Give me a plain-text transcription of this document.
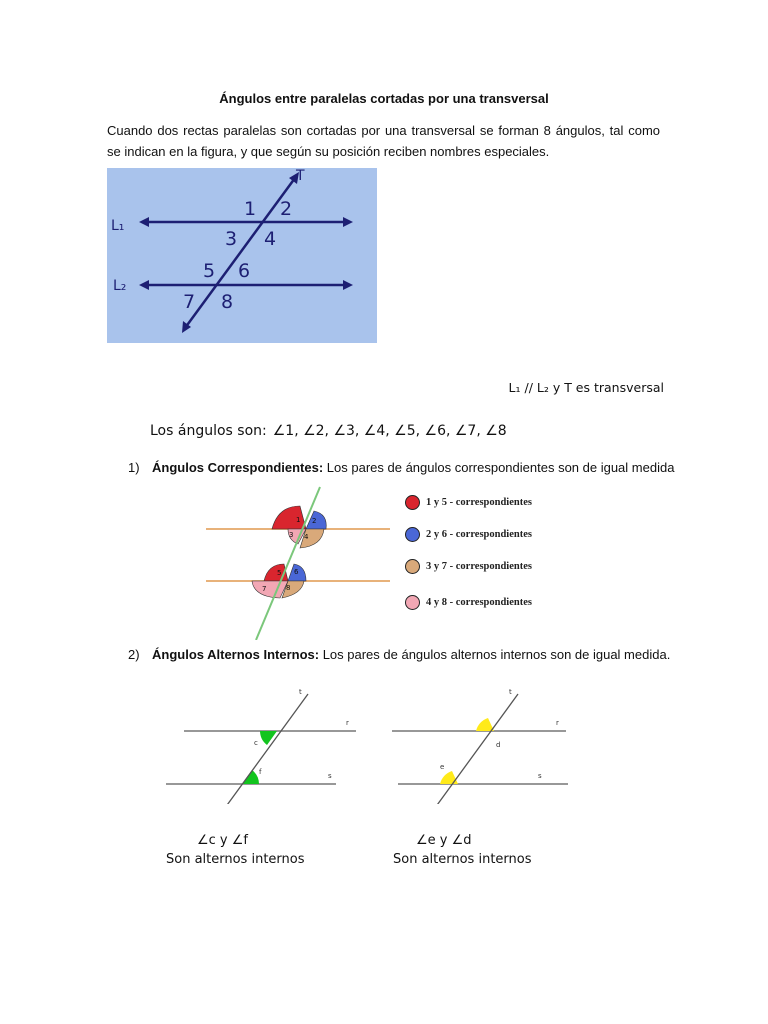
Ángulos entre paralelas cortadas por una transversal
Cuando dos rectas paralelas son cortadas por una transversal se forman 8 ángulos, tal como se indican en la figura, y que según su posición reciben nombres especiales.
T
L₁
L₂
1 2
3 4
5 6
7 8
L₁ // L₂ y T es transversal
Los ángulos son: ∠1, ∠2, ∠3, ∠4, ∠5, ∠6, ∠7, ∠8
1) Ángulos Correspondientes: Los pares de ángulos correspondientes son de igual medida
1 2
3 4
5 6
7	8
1 y 5 - correspondientes
2 y 6 - correspondientes
3 y 7 - correspondientes
4 y 8 - correspondientes
2) Ángulos Alternos Internos: Los pares de ángulos alternos internos son de igual medida.
t
r
s
c
f
t
r
s
d
e
∠c y ∠f
Son alternos internos
∠e y ∠d
Son alternos internos
